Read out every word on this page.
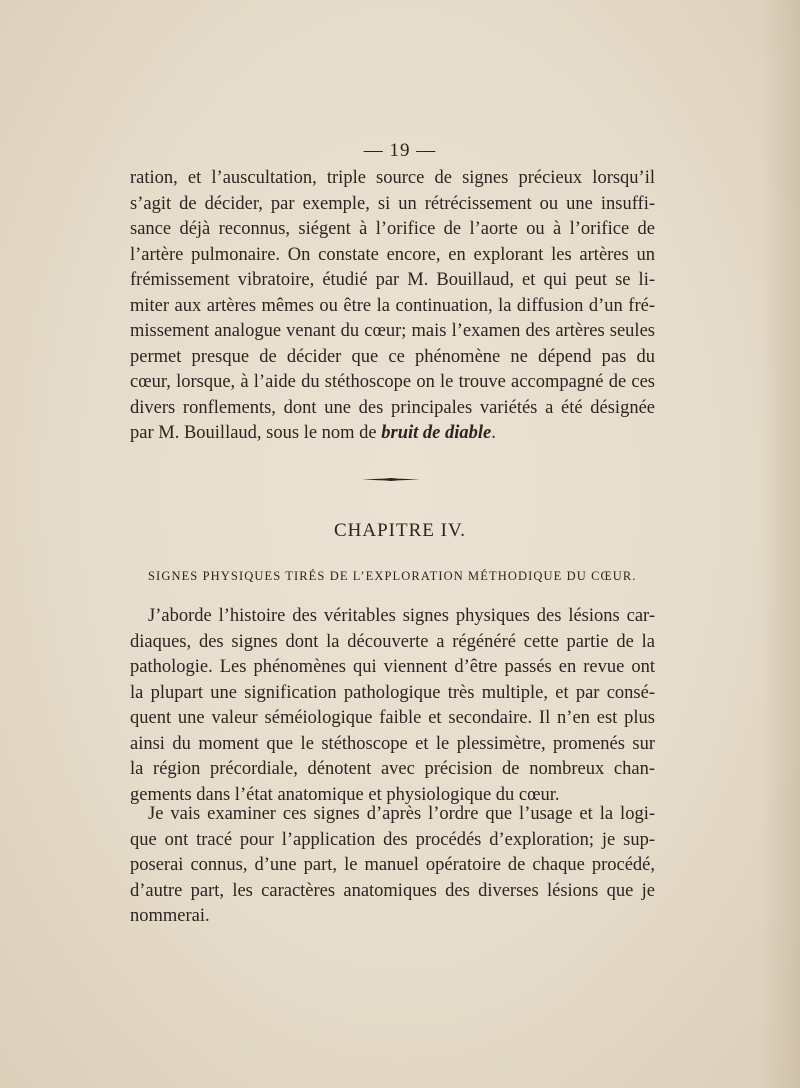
— 19 —

ration, et l’auscultation, triple source de signes précieux lorsqu’il
s’agit de décider, par exemple, si un rétrécissement ou une insuffi-
sance déjà reconnus, siégent à l’orifice de l’aorte ou à l’orifice de
l’artère pulmonaire. On constate encore, en explorant les artères un
frémissement vibratoire, étudié par M. Bouillaud, et qui peut se li-
miter aux artères mêmes ou être la continuation, la diffusion d’un fré-
missement analogue venant du cœur; mais l’examen des artères seules
permet presque de décider que ce phénomène ne dépend pas du
cœur, lorsque, à l’aide du stéthoscope on le trouve accompagné de ces
divers ronflements, dont une des principales variétés a été désignée
par M. Bouillaud, sous le nom de bruit de diable.

CHAPITRE IV.
SIGNES PHYSIQUES TIRÉS DE L’EXPLORATION MÉTHODIQUE DU CŒUR.

J’aborde l’histoire des véritables signes physiques des lésions car-
diaques, des signes dont la découverte a régénéré cette partie de la
pathologie. Les phénomènes qui viennent d’être passés en revue ont
la plupart une signification pathologique très multiple, et par consé-
quent une valeur séméiologique faible et secondaire. Il n’en est plus
ainsi du moment que le stéthoscope et le plessimètre, promenés sur
la région précordiale, dénotent avec précision de nombreux chan-
gements dans l’état anatomique et physiologique du cœur.

Je vais examiner ces signes d’après l’ordre que l’usage et la logi-
que ont tracé pour l’application des procédés d’exploration; je sup-
poserai connus, d’une part, le manuel opératoire de chaque procédé,
d’autre part, les caractères anatomiques des diverses lésions que je
nommerai.
